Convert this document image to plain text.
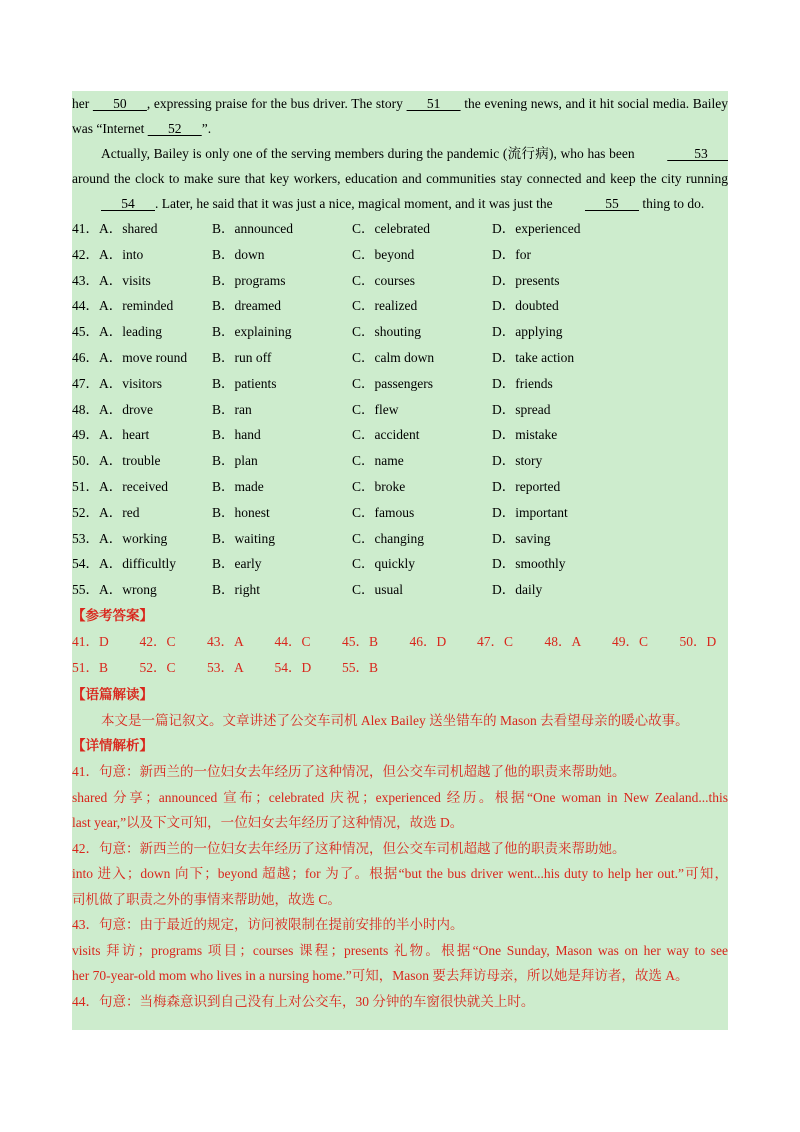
her       50      , expressing praise for the bus driver. The story       51       the evening news, and it hit social media. Bailey was “Internet       52      ”.

Actually, Bailey is only one of the serving members during the pandemic (流行病), who has been         53       around the clock to make sure that key workers, education and communities stay connected and keep the city running       54      . Later, he said that it was just a nice, magical moment, and it was just the       55       thing to do.

41．A．shared	B．announced	C．celebrated	D．experienced
42．A．into	B．down	C．beyond	D．for
43．A．visits	B．programs	C．courses	D．presents
44．A．reminded	B．dreamed	C．realized	D．doubted
45．A．leading	B．explaining	C．shouting	D．applying
46．A．move round	B．run off	C．calm down	D．take action
47．A．visitors	B．patients	C．passengers	D．friends
48．A．drove	B．ran	C．flew	D．spread
49．A．heart	B．hand	C．accident	D．mistake
50．A．trouble	B．plan	C．name	D．story
51．A．received	B．made	C．broke	D．reported
52．A．red	B．honest	C．famous	D．important
53．A．working	B．waiting	C．changing	D．saving
54．A．difficultly	B．early	C．quickly	D．smoothly
55．A．wrong	B．right	C．usual	D．daily
【参考答案】
41．D 42．C 43．A 44．C 45．B 46．D 47．C 48．A 49．C 50．D
51．B 52．C 53．A 54．D 55．B
【语篇解读】
本文是一篇记叙文。文章讲述了公交车司机 Alex Bailey 送坐错车的 Mason 去看望母亲的暖心故事。
【详情解析】
41．句意：新西兰的一位妇女去年经历了这种情况，但公交车司机超越了他的职责来帮助她。
shared 分享；announced 宣布；celebrated 庆祝；experienced 经历。根据“One woman in New Zealand...this
last year,”以及下文可知，一位妇女去年经历了这种情况，故选 D。
42．句意：新西兰的一位妇女去年经历了这种情况，但公交车司机超越了他的职责来帮助她。
into 进入；down 向下；beyond 超越；for 为了。根据“but the bus driver went...his duty to help her out.”可知，
司机做了职责之外的事情来帮助她，故选 C。
43．句意：由于最近的规定，访问被限制在提前安排的半小时内。
visits 拜访；programs 项目；courses 课程；presents 礼物。根据“One Sunday, Mason was on her way to see
her 70-year-old mom who lives in a nursing home.”可知，Mason 要去拜访母亲，所以她是拜访者，故选 A。
44．句意：当梅森意识到自己没有上对公交车，30 分钟的车窗很快就关上时。
